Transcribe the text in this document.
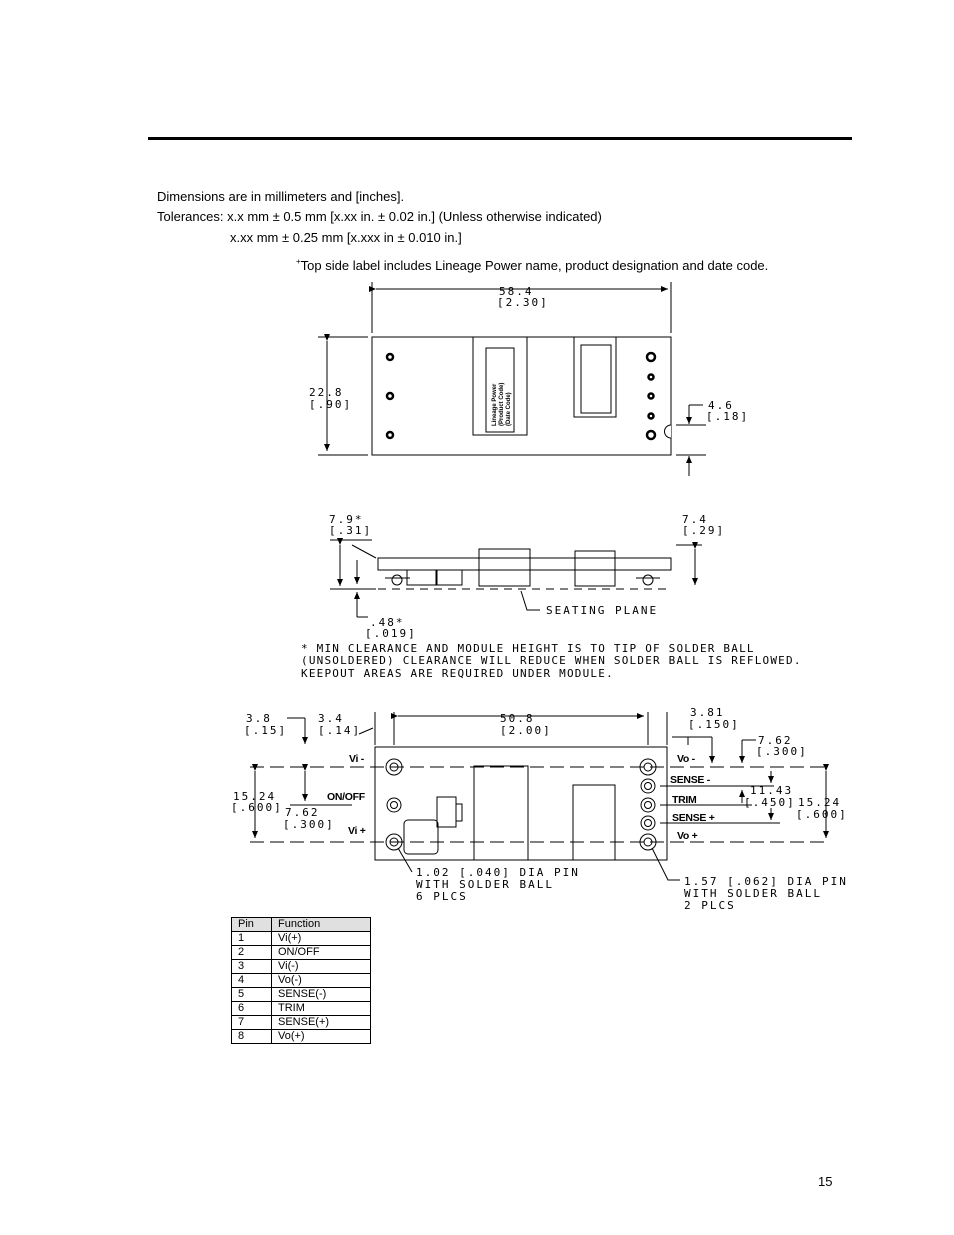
Dimensions are in millimeters and [inches].
Tolerances: x.x mm ± 0.5 mm [x.xx in. ± 0.02 in.] (Unless otherwise indicated)
x.xx mm ± 0.25 mm [x.xxx in ± 0.010 in.]
+Top side label includes Lineage Power name, product designation and date code.
58.4
[2.30]
22.8
[.90]	4.6
[.18]
Lineage Power (Product Code) (Date Code)
7.9*
[.31]
7.4
[.29]
.48*
[.019]
SEATING PLANE
* MIN CLEARANCE AND MODULE HEIGHT IS TO TIP OF SOLDER BALL
(UNSOLDERED) CLEARANCE WILL REDUCE WHEN SOLDER BALL IS REFLOWED.
KEEPOUT AREAS ARE REQUIRED UNDER MODULE.
3.8
[.15]
3.4
[.14]
50.8
[2.00]
3.81
[.150]
7.62
[.300]
11.43
[.450] 15.24
[.600]
15.24
[.600] 7.62
[.300]
Vi -
ON/OFF
Vi +
Vo -
SENSE -
TRIM
SENSE +
Vo +
1.02 [.040] DIA PIN
WITH SOLDER BALL
6 PLCS
1.57 [.062] DIA PIN
WITH SOLDER BALL
2 PLCS
Pin	Function
1	Vi(+)
2	ON/OFF
3	Vi(-)
4	Vo(-)
5	SENSE(-)
6	TRIM
7	SENSE(+)
8	Vo(+)
15
